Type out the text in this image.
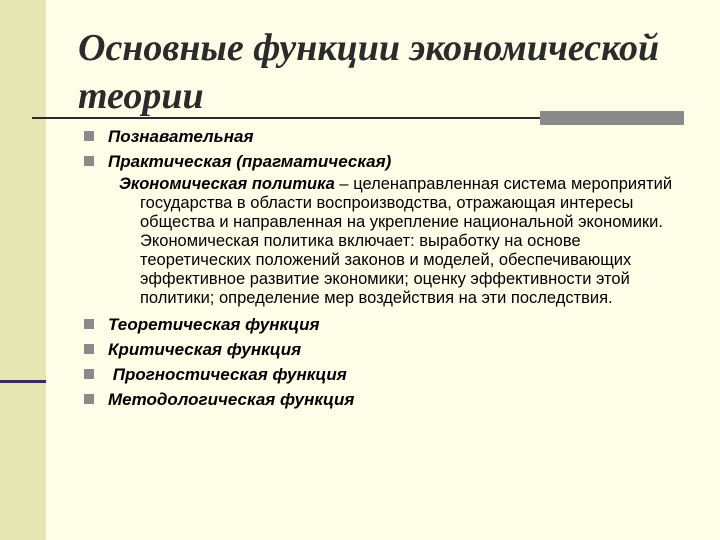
Основные функции экономической теории
Познавательная
Практическая (прагматическая)
Экономическая политика – целенаправленная система мероприятий государства в области воспроизводства, отражающая интересы общества и направленная на укрепление национальной экономики. Экономическая политика включает: выработку на основе теоретических положений законов и моделей, обеспечивающих эффективное развитие экономики; оценку эффективности этой политики; определение мер воздействия на эти последствия.
Теоретическая функция
Критическая функция
Прогностическая функция
Методологическая функция
